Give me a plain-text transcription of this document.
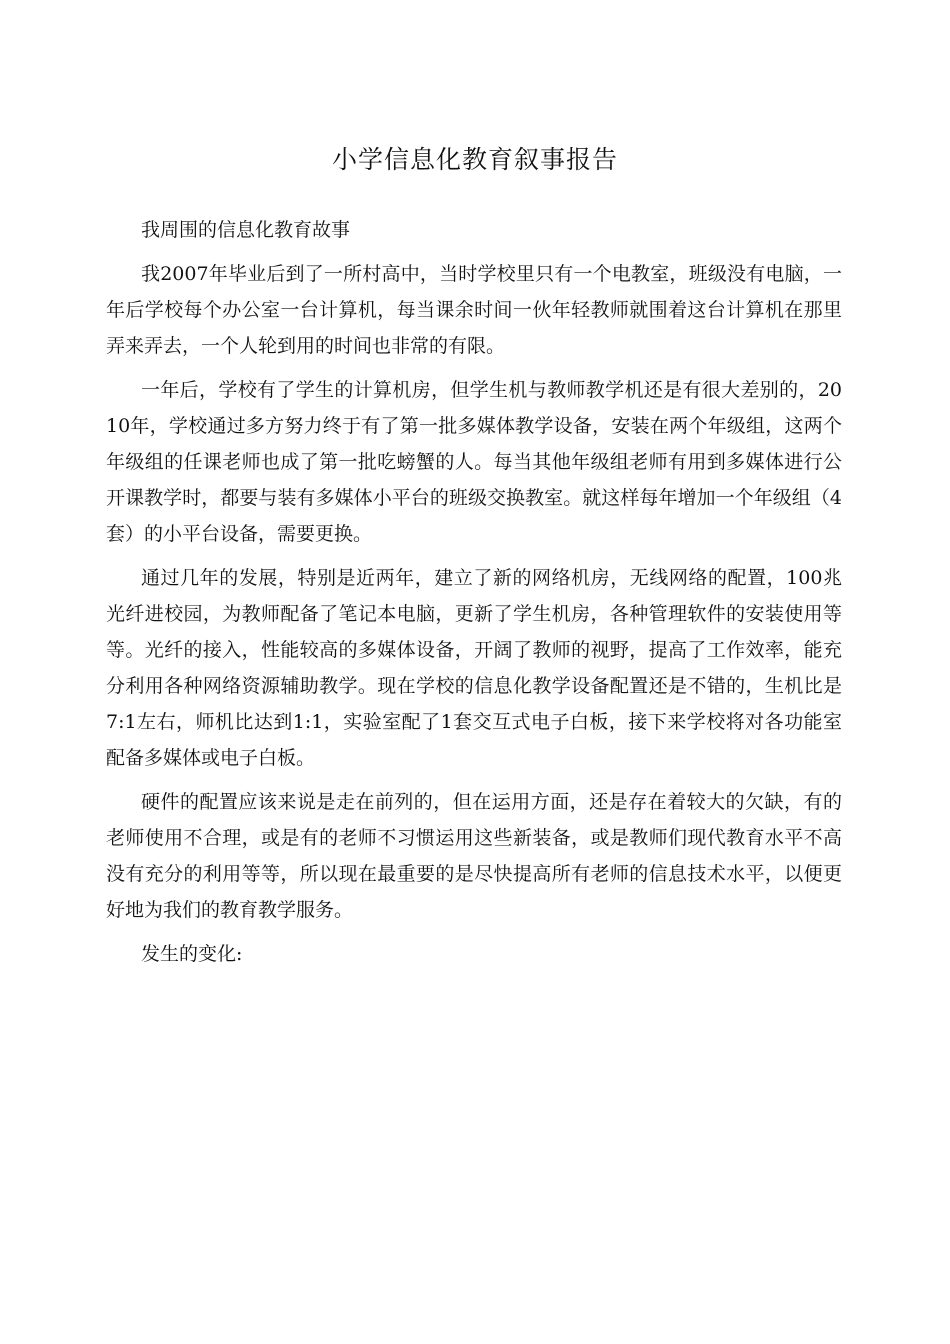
小学信息化教育叙事报告

我周围的信息化教育故事

我2007年毕业后到了一所村高中，当时学校里只有一个电教室，班级没有电脑，一年后学校每个办公室一台计算机，每当课余时间一伙年轻教师就围着这台计算机在那里弄来弄去，一个人轮到用的时间也非常的有限。

一年后，学校有了学生的计算机房，但学生机与教师教学机还是有很大差别的，2010年，学校通过多方努力终于有了第一批多媒体教学设备，安装在两个年级组，这两个年级组的任课老师也成了第一批吃螃蟹的人。每当其他年级组老师有用到多媒体进行公开课教学时，都要与装有多媒体小平台的班级交换教室。就这样每年增加一个年级组（4套）的小平台设备，需要更换。

通过几年的发展，特别是近两年，建立了新的网络机房，无线网络的配置，100兆光纤进校园，为教师配备了笔记本电脑，更新了学生机房，各种管理软件的安装使用等等。光纤的接入，性能较高的多媒体设备，开阔了教师的视野，提高了工作效率，能充分利用各种网络资源辅助教学。现在学校的信息化教学设备配置还是不错的，生机比是7:1左右，师机比达到1:1，实验室配了1套交互式电子白板，接下来学校将对各功能室配备多媒体或电子白板。

硬件的配置应该来说是走在前列的，但在运用方面，还是存在着较大的欠缺，有的老师使用不合理，或是有的老师不习惯运用这些新装备，或是教师们现代教育水平不高没有充分的利用等等，所以现在最重要的是尽快提高所有老师的信息技术水平，以便更好地为我们的教育教学服务。

发生的变化:
